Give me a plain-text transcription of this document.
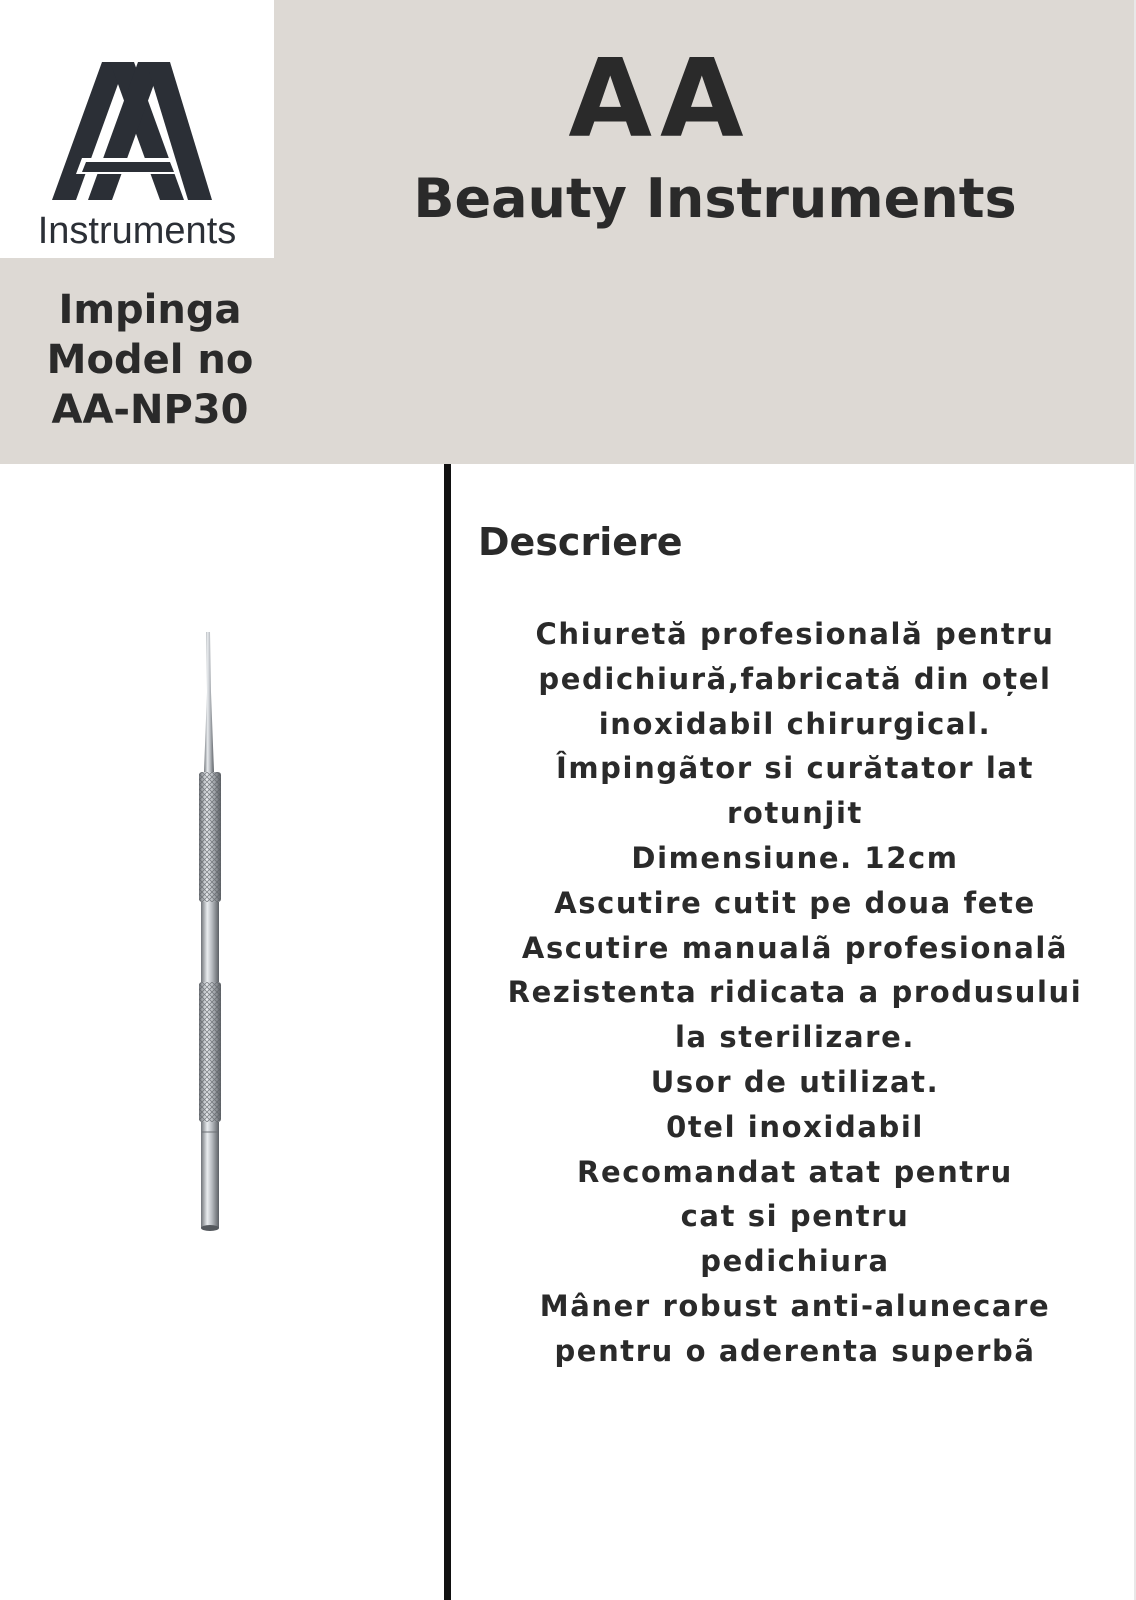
Instruments
AA
Beauty Instruments
Impinga
Model no
AA-NP30
Descriere
Chiuretă profesională pentru
pedichiură,fabricată din oțel
inoxidabil chirurgical.
Împingãtor si curătator lat
rotunjit
Dimensiune. 12cm
Ascutire cutit pe doua fete
Ascutire manualã profesionalã
Rezistenta ridicata a produsului
la sterilizare.
Usor de utilizat.
0tel inoxidabil
Recomandat atat pentru
cat si pentru
pedichiura
Mâner robust anti-alunecare
pentru o aderenta superbã
